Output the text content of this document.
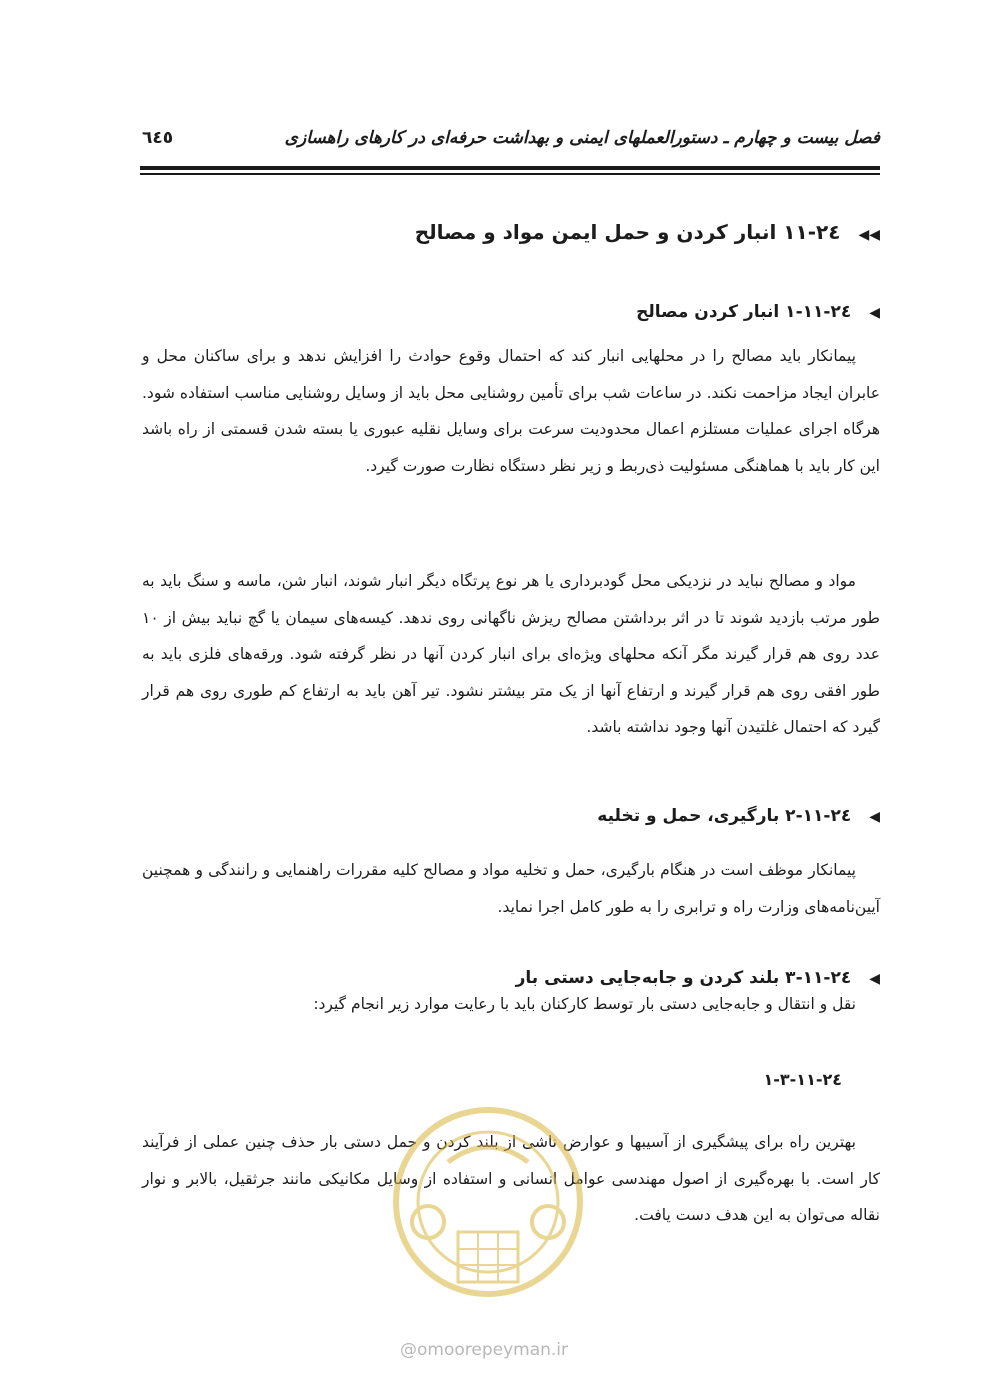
فصل بیست و چهارم ـ دستورالعملهای ایمنی و بهداشت حرفه‌ای در کارهای راهسازی
٦٤٥
◀◀٢٤-١١ انبار کردن و حمل ایمن مواد و مصالح
◀٢٤-١١-١ انبار کردن مصالح

پیمانکار باید مصالح را در محلهایی انبار کند که احتمال وقوع حوادث را افزایش ندهد و برای ساکنان محل و عابران ایجاد مزاحمت نکند. در ساعات شب برای تأمین روشنایی محل باید از وسایل روشنایی مناسب استفاده شود. هرگاه اجرای عملیات مستلزم اعمال محدودیت سرعت برای وسایل نقلیه عبوری یا بسته شدن قسمتی از راه باشد این کار باید با هماهنگی مسئولیت ذی‌ربط و زیر نظر دستگاه نظارت صورت گیرد.

مواد و مصالح نباید در نزدیکی محل گودبرداری یا هر نوع پرتگاه دیگر انبار شوند، انبار شن، ماسه و سنگ باید به طور مرتب بازدید شوند تا در اثر برداشتن مصالح ریزش ناگهانی روی ندهد. کیسه‌های سیمان یا گچ نباید بیش از ١٠ عدد روی هم قرار گیرند مگر آنکه محلهای ویژه‌ای برای انبار کردن آنها در نظر گرفته شود. ورقه‌های فلزی باید به طور افقی روی هم قرار گیرند و ارتفاع آنها از یک متر بیشتر نشود. تیر آهن باید به ارتفاع کم طوری روی هم قرار گیرد که احتمال غلتیدن آنها وجود نداشته باشد.

◀٢٤-١١-٢ بارگیری، حمل و تخلیه

پیمانکار موظف است در هنگام بارگیری، حمل و تخلیه مواد و مصالح کلیه مقررات راهنمایی و رانندگی و همچنین آیین‌نامه‌های وزارت راه و ترابری را به طور کامل اجرا نماید.

◀٢٤-١١-٣ بلند کردن و جابه‌جایی دستی بار

نقل و انتقال و جابه‌جایی دستی بار توسط کارکنان باید با رعایت موارد زیر انجام گیرد:

٢٤-١١-٣-١

بهترین راه برای پیشگیری از آسیبها و عوارض ناشی از بلند کردن و حمل دستی بار حذف چنین عملی از فرآیند کار است. با بهره‌گیری از اصول مهندسی عوامل انسانی و استفاده از وسایل مکانیکی مانند جرثقیل، بالابر و نوار نقاله می‌توان به این هدف دست یافت.

@omoorepeyman.ir
